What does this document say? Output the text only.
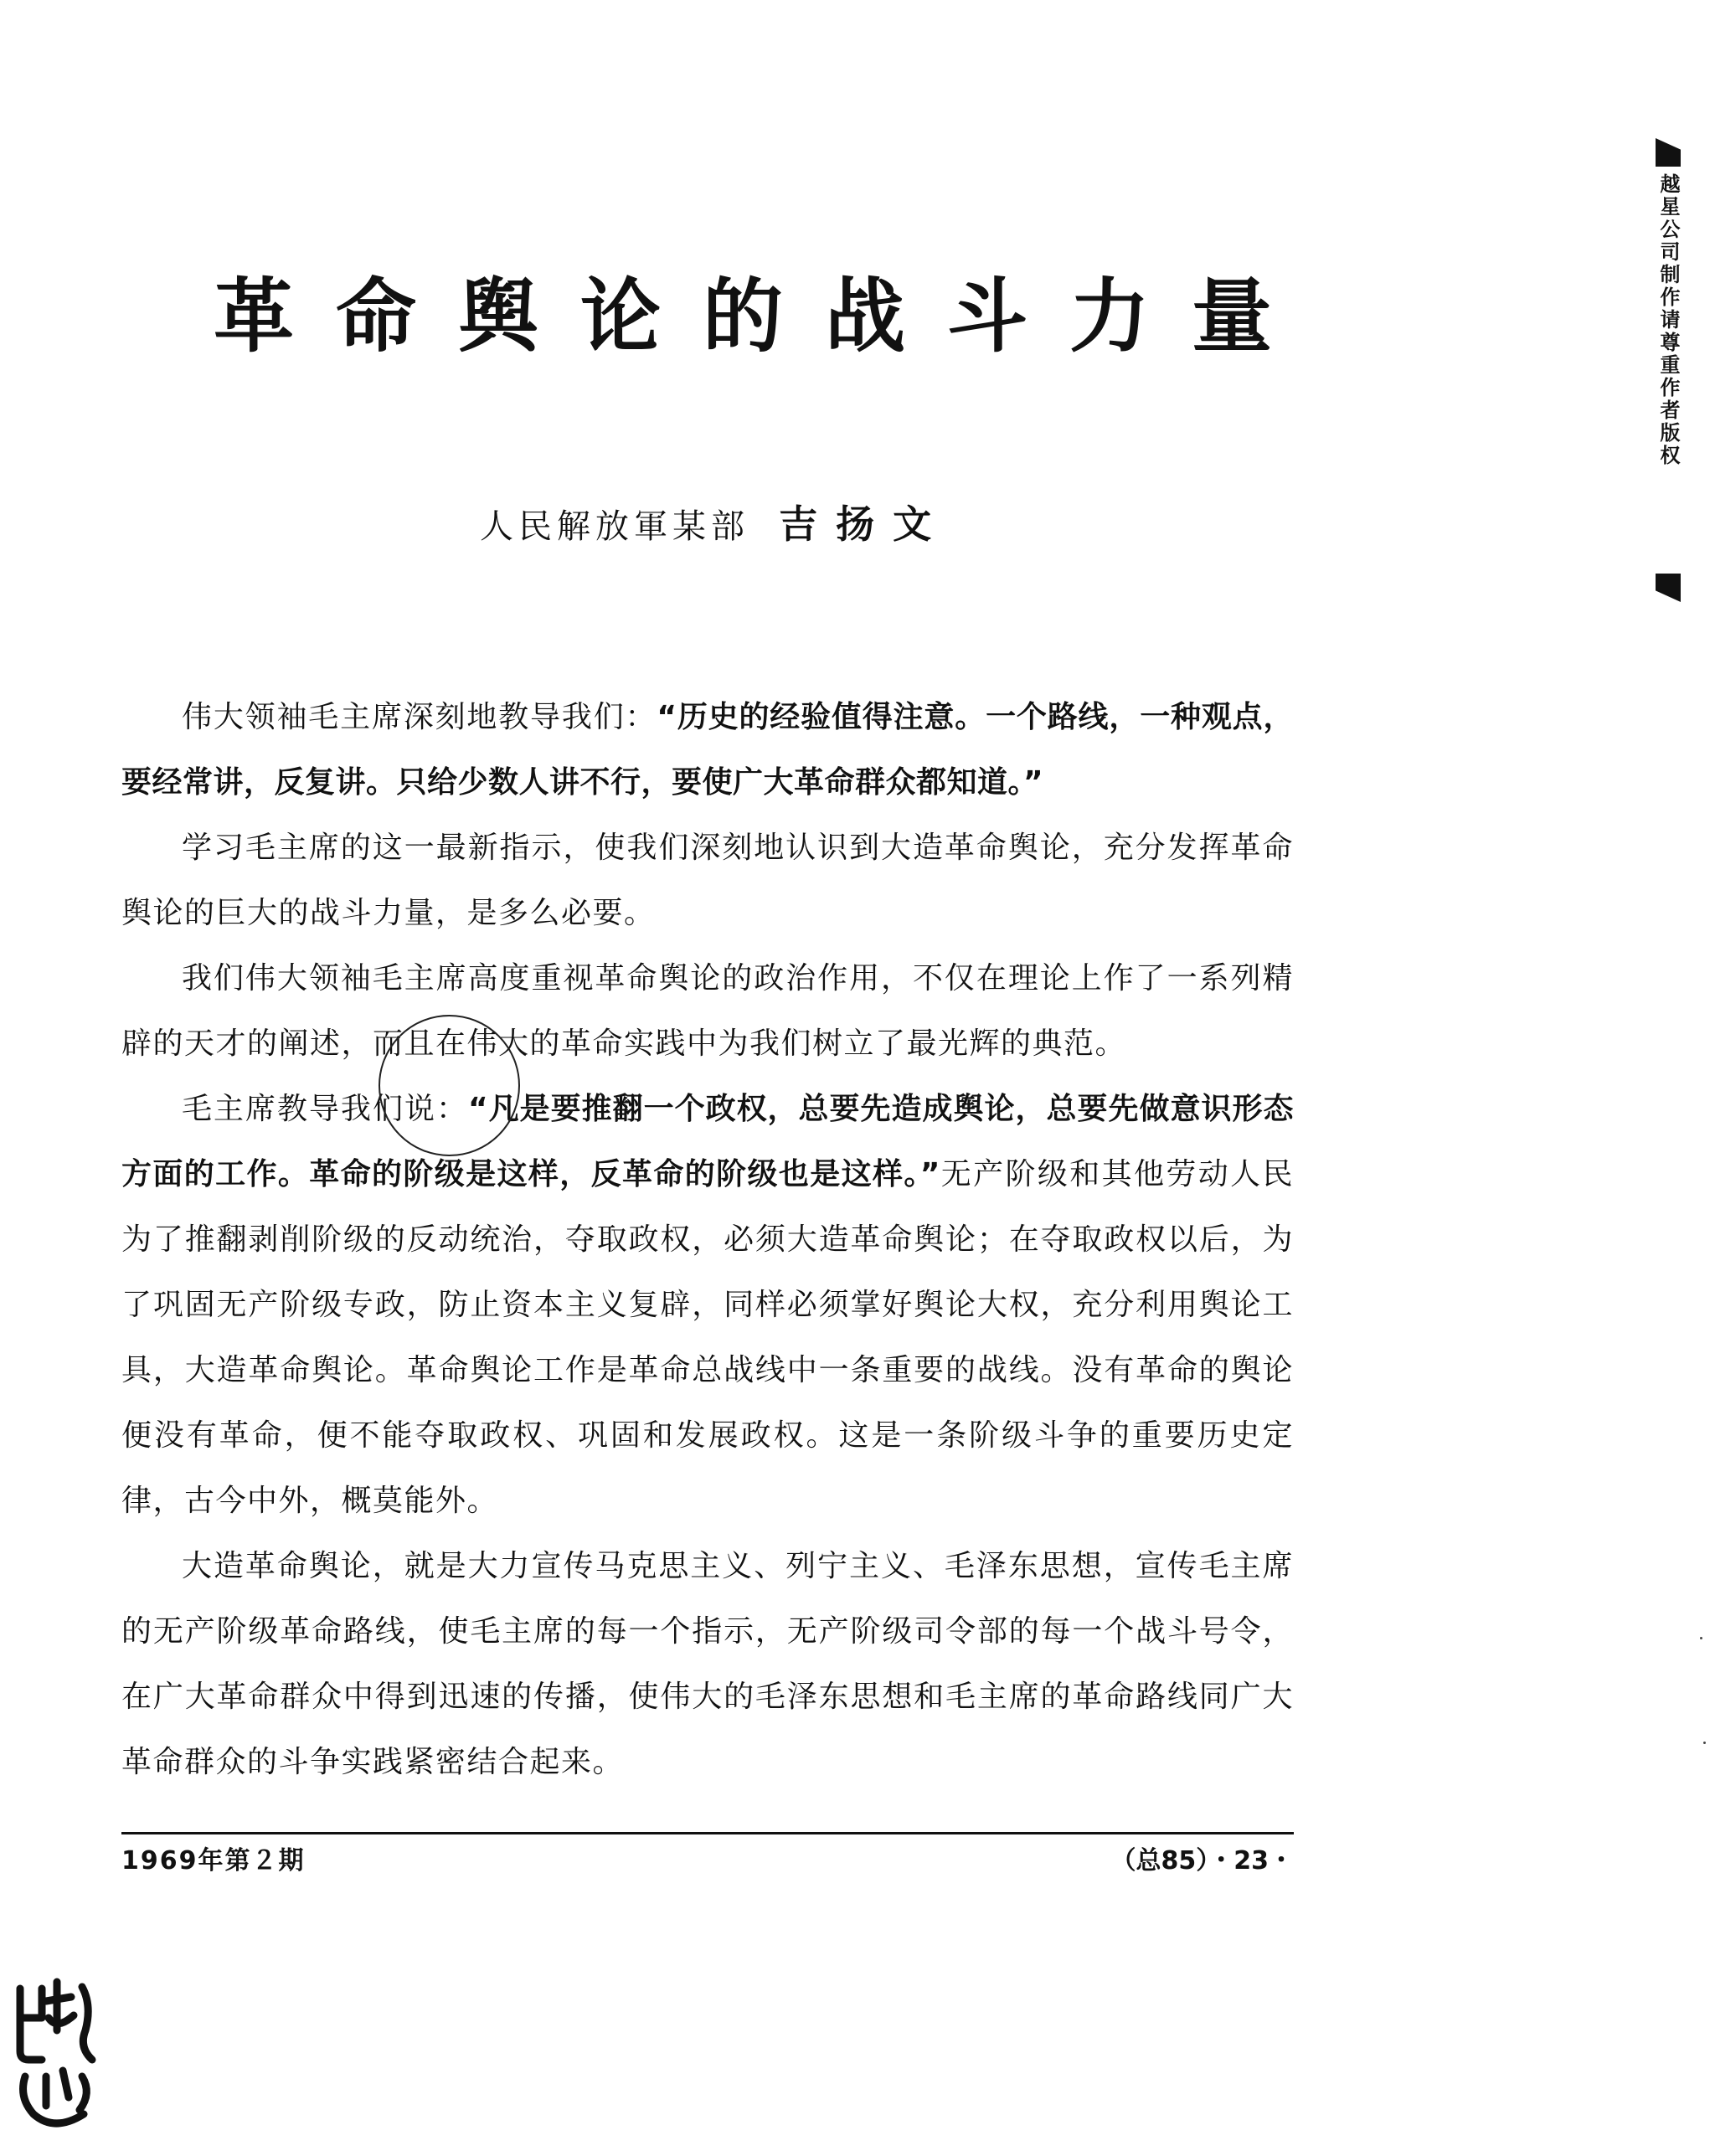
越星公司制作请尊重作者版权
革命舆论的战斗力量
人民解放軍某部 吉扬文

伟大领袖毛主席深刻地教导我们：“历史的经验值得注意。一个路线，一种观点，要经常讲，反复讲。只给少数人讲不行，要使广大革命群众都知道。”

学习毛主席的这一最新指示，使我们深刻地认识到大造革命舆论，充分发挥革命舆论的巨大的战斗力量，是多么必要。

我们伟大领袖毛主席高度重视革命舆论的政治作用，不仅在理论上作了一系列精辟的天才的阐述，而且在伟大的革命实践中为我们树立了最光辉的典范。

毛主席教导我们说：“凡是要推翻一个政权，总要先造成舆论，总要先做意识形态方面的工作。革命的阶级是这样，反革命的阶级也是这样。”无产阶级和其他劳动人民为了推翻剥削阶级的反动统治，夺取政权，必须大造革命舆论；在夺取政权以后，为了巩固无产阶级专政，防止资本主义复辟，同样必须掌好舆论大权，充分利用舆论工具，大造革命舆论。革命舆论工作是革命总战线中一条重要的战线。没有革命的舆论便没有革命，便不能夺取政权、巩固和发展政权。这是一条阶级斗争的重要历史定律，古今中外，概莫能外。

大造革命舆论，就是大力宣传马克思主义、列宁主义、毛泽东思想，宣传毛主席的无产阶级革命路线，使毛主席的每一个指示，无产阶级司令部的每一个战斗号令，在广大革命群众中得到迅速的传播，使伟大的毛泽东思想和毛主席的革命路线同广大革命群众的斗争实践紧密结合起来。

1969年第２期	（总85）・23・
